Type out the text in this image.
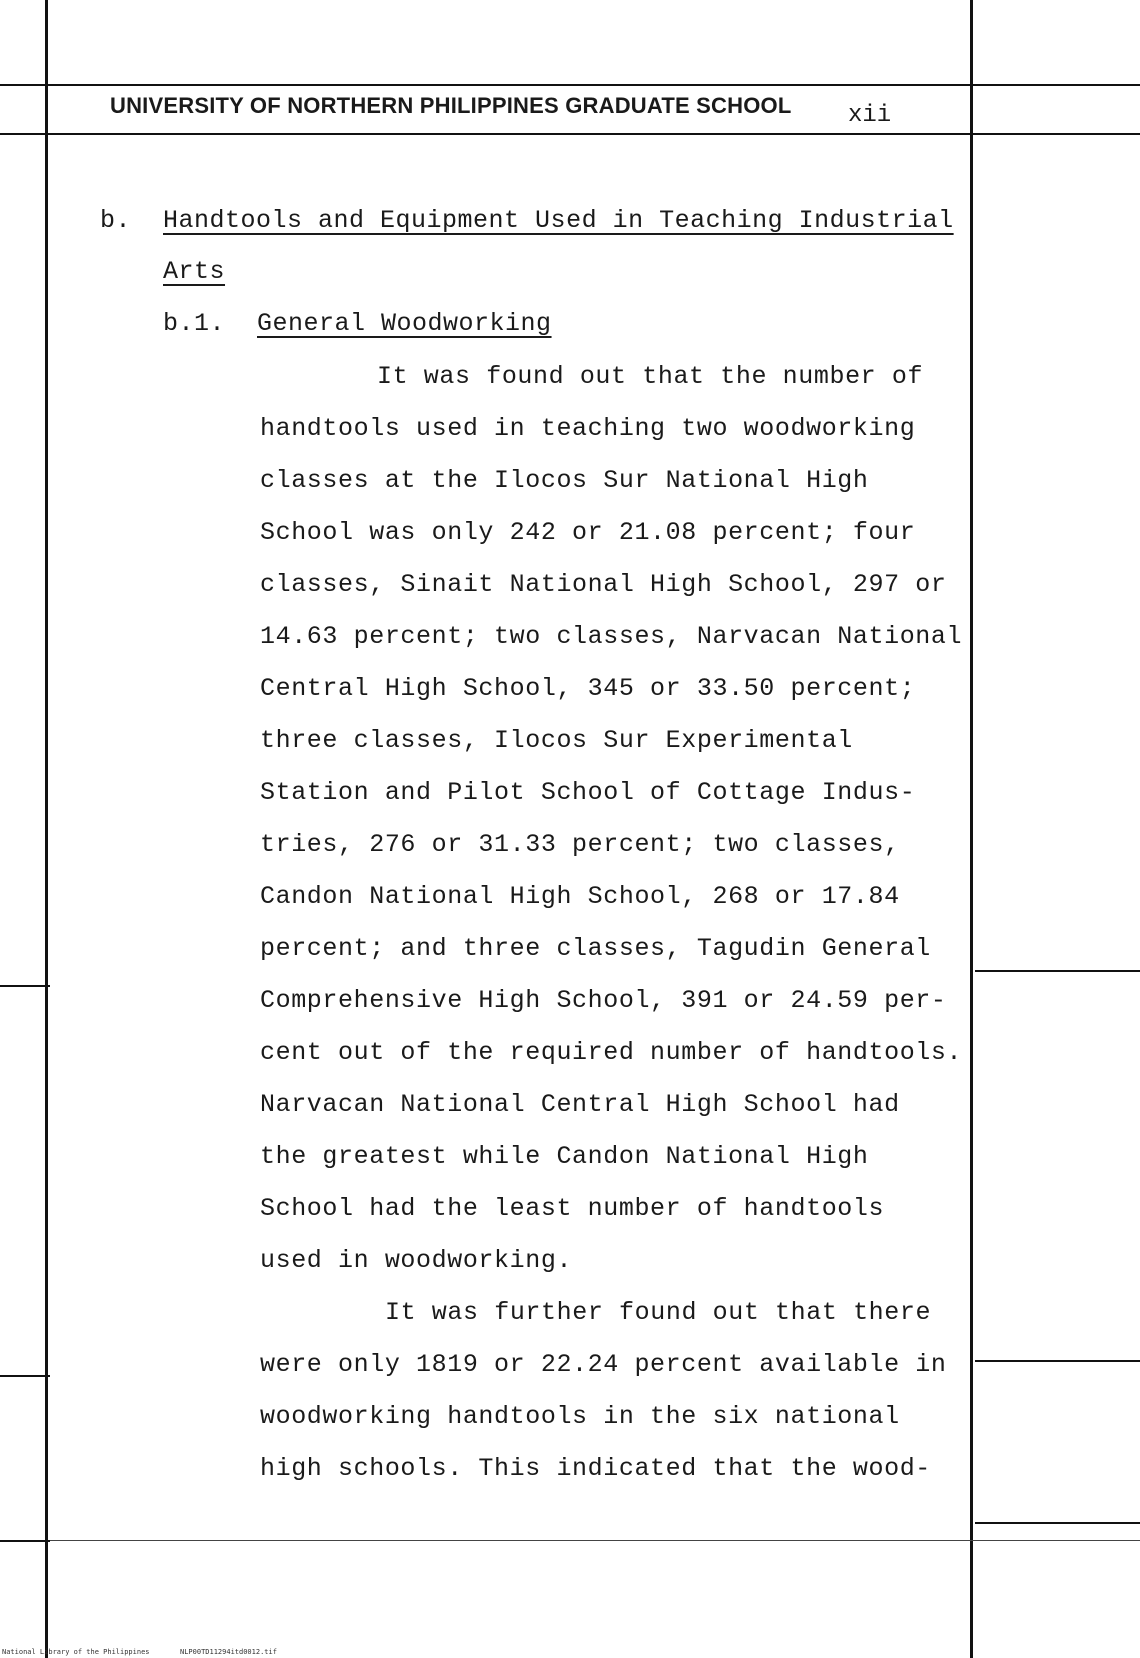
UNIVERSITY OF NORTHERN PHILIPPINES GRADUATE SCHOOL	xii
b. Handtools and Equipment Used in Teaching Industrial
Arts
b.1. General Woodworking
It was found out that the number of
handtools used in teaching two woodworking
classes at the Ilocos Sur National High
School was only 242 or 21.08 percent; four
classes, Sinait National High School, 297 or
14.63 percent; two classes, Narvacan National
Central High School, 345 or 33.50 percent;
three classes, Ilocos Sur Experimental
Station and Pilot School of Cottage Indus-
tries, 276 or 31.33 percent; two classes,
Candon National High School, 268 or 17.84
percent; and three classes, Tagudin General
Comprehensive High School, 391 or 24.59 per-
cent out of the required number of handtools.
Narvacan National Central High School had
the greatest while Candon National High
School had the least number of handtools
used in woodworking.
It was further found out that there
were only 1819 or 22.24 percent available in
woodworking handtools in the six national
high schools. This indicated that the wood-
National Library of the Philippines	NLP00TD11294itd0012.tif
